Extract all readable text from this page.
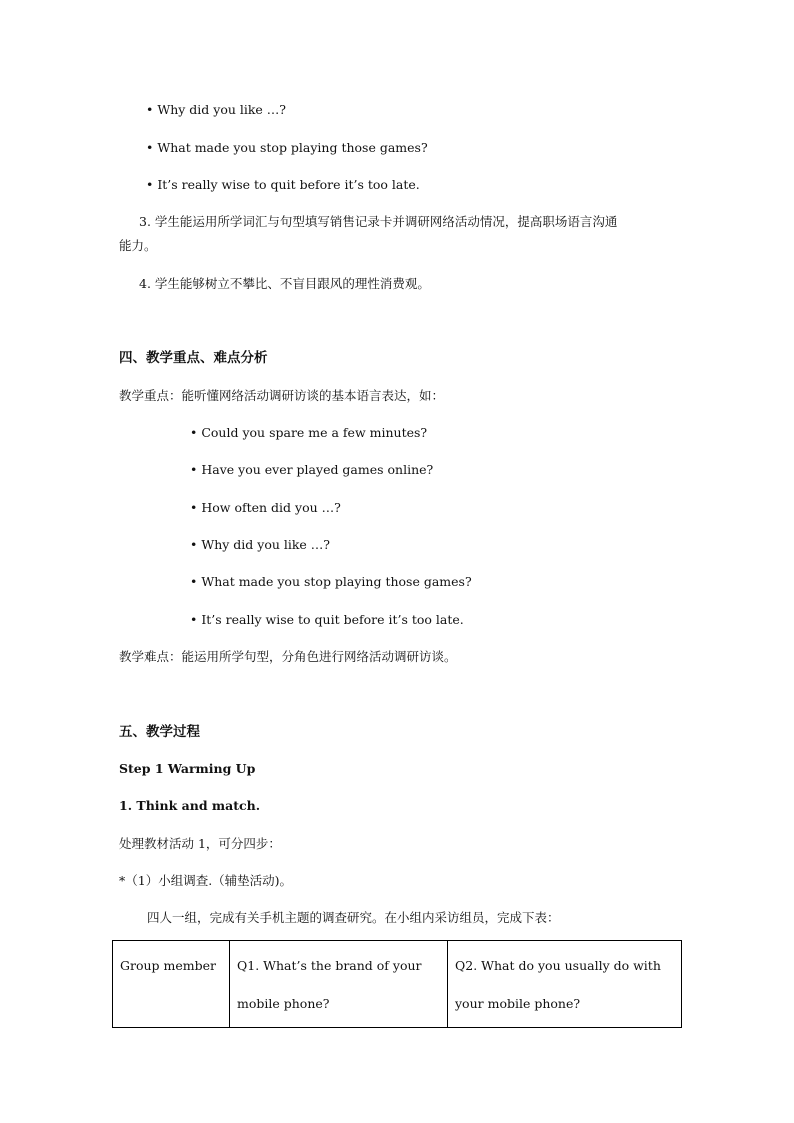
• Why did you like …?
• What made you stop playing those games?
• It’s really wise to quit before it’s too late.
3. 学生能运用所学词汇与句型填写销售记录卡并调研网络活动情况，提高职场语言沟通
能力。
4. 学生能够树立不攀比、不盲目跟风的理性消费观。
四、教学重点、难点分析
教学重点：能听懂网络活动调研访谈的基本语言表达，如：
• Could you spare me a few minutes?
• Have you ever played games online?
• How often did you …?
• Why did you like …?
• What made you stop playing those games?
• It’s really wise to quit before it’s too late.
教学难点：能运用所学句型，分角色进行网络活动调研访谈。
五、教学过程
Step 1 Warming Up
1. Think and match.
处理教材活动 1，可分四步：
*（1）小组调查.（辅垫活动)。
四人一组，完成有关手机主题的调查研究。在小组内采访组员，完成下表：
Group member	Q1. What’s the brand of your mobile phone?	Q2. What do you usually do with your mobile phone?
